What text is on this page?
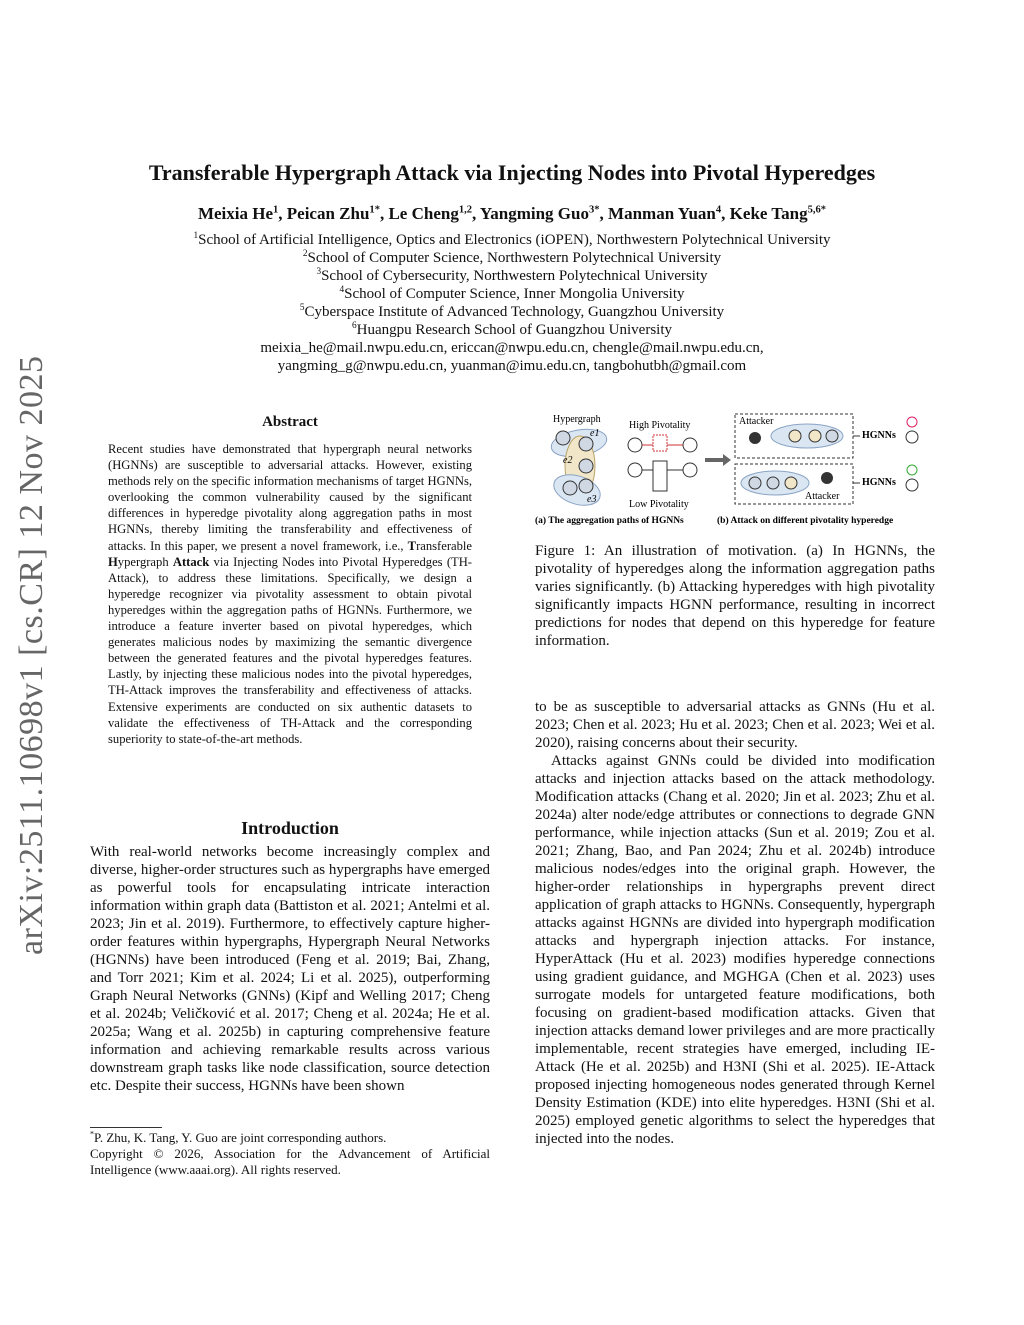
arXiv:2511.10698v1 [cs.CR] 12 Nov 2025
Transferable Hypergraph Attack via Injecting Nodes into Pivotal Hyperedges
Meixia He$^1$, Peican Zhu$^{1*}$, Le Cheng$^{1,2}$, Yangming Guo$^{3*}$, Manman Yuan$^4$, Keke Tang$^{5,6*}$
$^1$School of Artificial Intelligence, Optics and Electronics (iOPEN), Northwestern Polytechnical University
$^2$School of Computer Science, Northwestern Polytechnical University
$^3$School of Cybersecurity, Northwestern Polytechnical University
$^4$School of Computer Science, Inner Mongolia University
$^5$Cyberspace Institute of Advanced Technology, Guangzhou University
$^6$Huangpu Research School of Guangzhou University
meixia_he@mail.nwpu.edu.cn, ericcan@nwpu.edu.cn, chengle@mail.nwpu.edu.cn,
yangming_g@nwpu.edu.cn, yuanman@imu.edu.cn, tangbohutbh@gmail.com
Abstract
Recent studies have demonstrated that hypergraph neural networks (HGNNs) are susceptible to adversarial attacks. However, existing methods rely on the specific information mechanisms of target HGNNs, overlooking the common vulnerability caused by the significant differences in hyperedge pivotality along aggregation paths in most HGNNs, thereby limiting the transferability and effectiveness of attacks. In this paper, we present a novel framework, i.e., Transferable Hypergraph Attack via Injecting Nodes into Pivotal Hyperedges (TH-Attack), to address these limitations. Specifically, we design a hyperedge recognizer via pivotality assessment to obtain pivotal hyperedges within the aggregation paths of HGNNs. Furthermore, we introduce a feature inverter based on pivotal hyperedges, which generates malicious nodes by maximizing the semantic divergence between the generated features and the pivotal hyperedges features. Lastly, by injecting these malicious nodes into the pivotal hyperedges, TH-Attack improves the transferability and effectiveness of attacks. Extensive experiments are conducted on six authentic datasets to validate the effectiveness of TH-Attack and the corresponding superiority to state-of-the-art methods.
Introduction
With real-world networks become increasingly complex and diverse, higher-order structures such as hypergraphs have emerged as powerful tools for encapsulating intricate interaction information within graph data (Battiston et al. 2021; Antelmi et al. 2023; Jin et al. 2019). Furthermore, to effectively capture higher-order features within hypergraphs, Hypergraph Neural Networks (HGNNs) have been introduced (Feng et al. 2019; Bai, Zhang, and Torr 2021; Kim et al. 2024; Li et al. 2025), outperforming Graph Neural Networks (GNNs) (Kipf and Welling 2017; Cheng et al. 2024b; Veličković et al. 2017; Cheng et al. 2024a; He et al. 2025a; Wang et al. 2025b) in capturing comprehensive feature information and achieving remarkable results across various downstream graph tasks like node classification, source detection etc. Despite their success, HGNNs have been shown
*P. Zhu, K. Tang, Y. Guo are joint corresponding authors.
Copyright © 2026, Association for the Advancement of Artificial Intelligence (www.aaai.org). All rights reserved.
Hypergraph
e1
e2
e3
High Pivotality
Low Pivotality
Attacker
HGNNs
Attacker
HGNNs
(a) The aggregation paths of HGNNs	(b) Attack on different pivotality hyperedge
Figure 1: An illustration of motivation. (a) In HGNNs, the pivotality of hyperedges along the information aggregation paths varies significantly. (b) Attacking hyperedges with high pivotality significantly impacts HGNN performance, resulting in incorrect predictions for nodes that depend on this hyperedge for feature information.

to be as susceptible to adversarial attacks as GNNs (Hu et al. 2023; Chen et al. 2023; Hu et al. 2023; Chen et al. 2023; Wei et al. 2020), raising concerns about their security.

Attacks against GNNs could be divided into modification attacks and injection attacks based on the attack methodology. Modification attacks (Chang et al. 2020; Jin et al. 2023; Zhu et al. 2024a) alter node/edge attributes or connections to degrade GNN performance, while injection attacks (Sun et al. 2019; Zou et al. 2021; Zhang, Bao, and Pan 2024; Zhu et al. 2024b) introduce malicious nodes/edges into the original graph. However, the higher-order relationships in hypergraphs prevent direct application of graph attacks to HGNNs. Consequently, hypergraph attacks against HGNNs are divided into hypergraph modification attacks and hypergraph injection attacks. For instance, HyperAttack (Hu et al. 2023) modifies hyperedge connections using gradient guidance, and MGHGA (Chen et al. 2023) uses surrogate models for untargeted feature modifications, both focusing on gradient-based modification attacks. Given that injection attacks demand lower privileges and are more practically implementable, recent strategies have emerged, including IE-Attack (He et al. 2025b) and H3NI (Shi et al. 2025). IE-Attack proposed injecting homogeneous nodes generated through Kernel Density Estimation (KDE) into elite hyperedges. H3NI (Shi et al. 2025) employed genetic algorithms to select the hyperedges that injected into the nodes.
